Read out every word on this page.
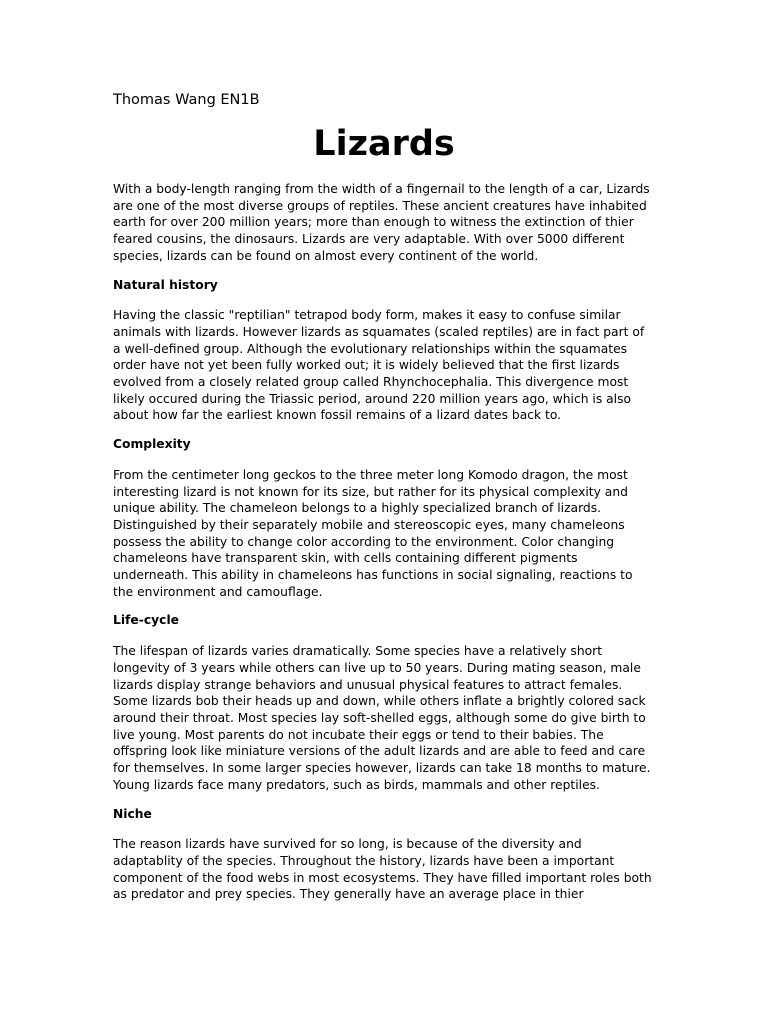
Thomas Wang EN1B
Lizards

With a body-length ranging from the width of a fingernail to the length of a car, Lizards
are one of the most diverse groups of reptiles. These ancient creatures have inhabited
earth for over 200 million years; more than enough to witness the extinction of thier
feared cousins, the dinosaurs. Lizards are very adaptable. With over 5000 different
species, lizards can be found on almost every continent of the world.

Natural history

Having the classic "reptilian" tetrapod body form, makes it easy to confuse similar
animals with lizards. However lizards as squamates (scaled reptiles) are in fact part of
a well-defined group. Although the evolutionary relationships within the squamates
order have not yet been fully worked out; it is widely believed that the first lizards
evolved from a closely related group called Rhynchocephalia. This divergence most
likely occured during the Triassic period, around 220 million years ago, which is also
about how far the earliest known fossil remains of a lizard dates back to.

Complexity

From the centimeter long geckos to the three meter long Komodo dragon, the most
interesting lizard is not known for its size, but rather for its physical complexity and
unique ability. The chameleon belongs to a highly specialized branch of lizards.
Distinguished by their separately mobile and stereoscopic eyes, many chameleons
possess the ability to change color according to the environment. Color changing
chameleons have transparent skin, with cells containing different pigments
underneath. This ability in chameleons has functions in social signaling, reactions to
the environment and camouflage.

Life-cycle

The lifespan of lizards varies dramatically. Some species have a relatively short
longevity of 3 years while others can live up to 50 years. During mating season, male
lizards display strange behaviors and unusual physical features to attract females.
Some lizards bob their heads up and down, while others inflate a brightly colored sack
around their throat. Most species lay soft-shelled eggs, although some do give birth to
live young. Most parents do not incubate their eggs or tend to their babies. The
offspring look like miniature versions of the adult lizards and are able to feed and care
for themselves. In some larger species however, lizards can take 18 months to mature.
Young lizards face many predators, such as birds, mammals and other reptiles.

Niche

The reason lizards have survived for so long, is because of the diversity and
adaptablity of the species. Throughout the history, lizards have been a important
component of the food webs in most ecosystems. They have filled important roles both
as predator and prey species. They generally have an average place in thier
